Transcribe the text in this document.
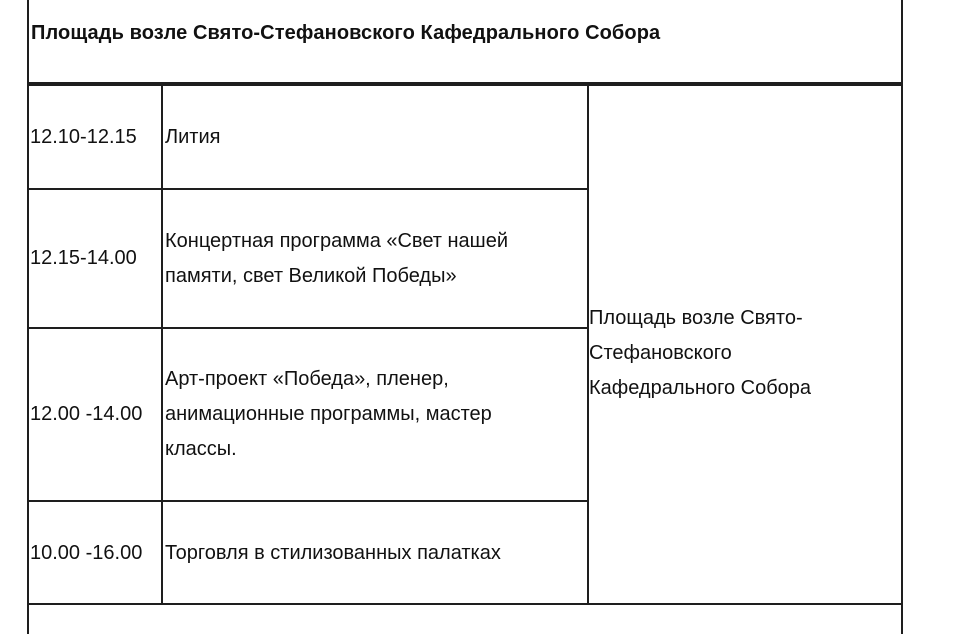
Площадь возле Свято-Стефановского Кафедрального Собора
12.10-12.15	Лития
12.15-14.00
Концертная программа «Свет нашей памяти, свет Великой Победы»
12.00 -14.00
Арт-проект «Победа», пленер, анимационные программы, мастер классы.
10.00 -16.00	Торговля в стилизованных палатках
Площадь возле Свято-Стефановского Кафедрального Собора
